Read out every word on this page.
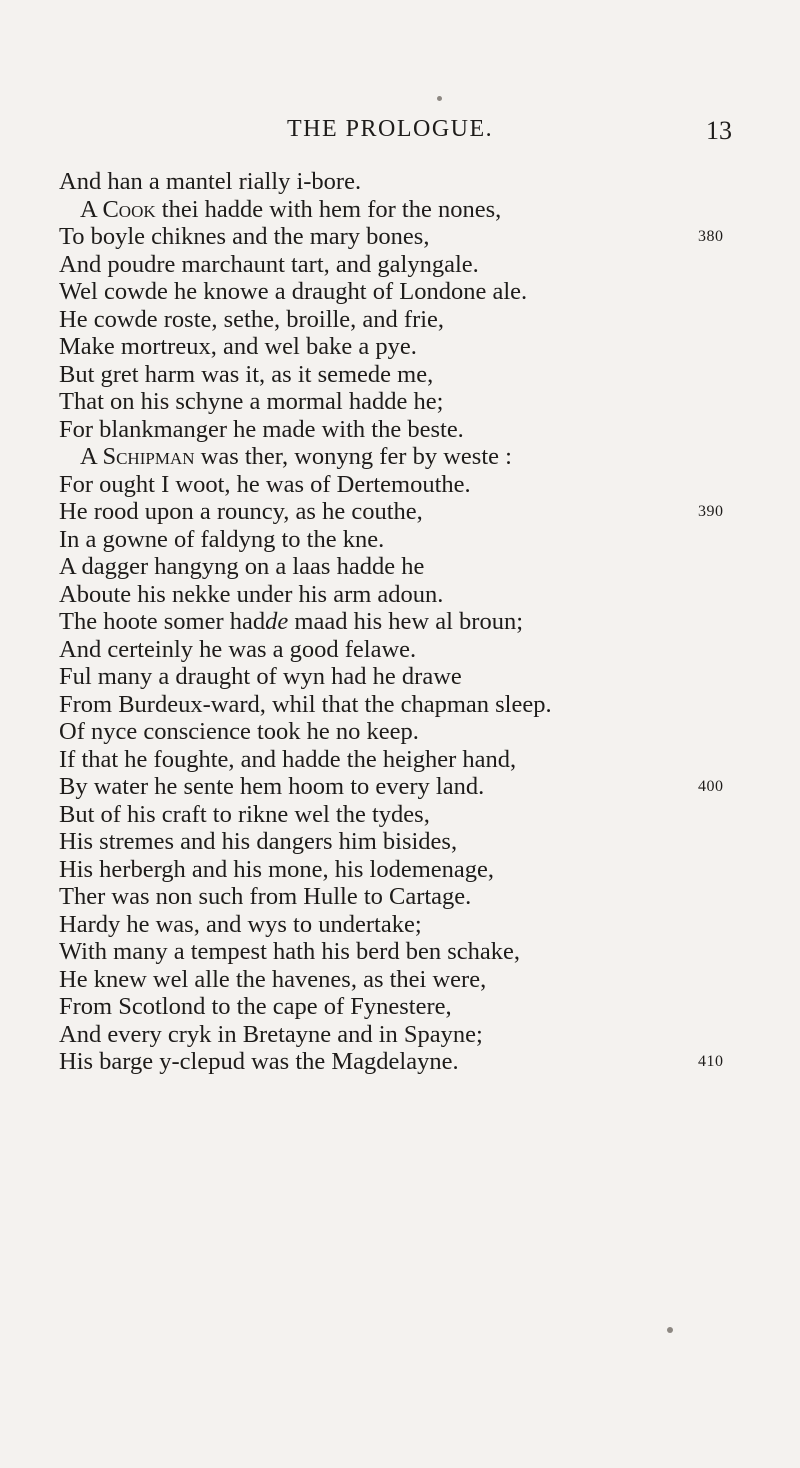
THE PROLOGUE.	13
And han a mantel rially i-bore.
A Cook thei hadde with hem for the nones,
To boyle chiknes and the mary bones,	380
And poudre marchaunt tart, and galyngale.
Wel cowde he knowe a draught of Londone ale.
He cowde roste, sethe, broille, and frie,
Make mortreux, and wel bake a pye.
But gret harm was it, as it semede me,
That on his schyne a mormal hadde he;
For blankmanger he made with the beste.
A Schipman was ther, wonyng fer by weste :
For ought I woot, he was of Dertemouthe.
He rood upon a rouncy, as he couthe,	390
In a gowne of faldyng to the kne.
A dagger hangyng on a laas hadde he
Aboute his nekke under his arm adoun.
The hoote somer hadde maad his hew al broun;
And certeinly he was a good felawe.
Ful many a draught of wyn had he drawe
From Burdeux-ward, whil that the chapman sleep.
Of nyce conscience took he no keep.
If that he foughte, and hadde the heigher hand,
By water he sente hem hoom to every land.	400
But of his craft to rikne wel the tydes,
His stremes and his dangers him bisides,
His herbergh and his mone, his lodemenage,
Ther was non such from Hulle to Cartage.
Hardy he was, and wys to undertake;
With many a tempest hath his berd ben schake,
He knew wel alle the havenes, as thei were,
From Scotlond to the cape of Fynestere,
And every cryk in Bretayne and in Spayne;
His barge y-clepud was the Magdelayne.	410
